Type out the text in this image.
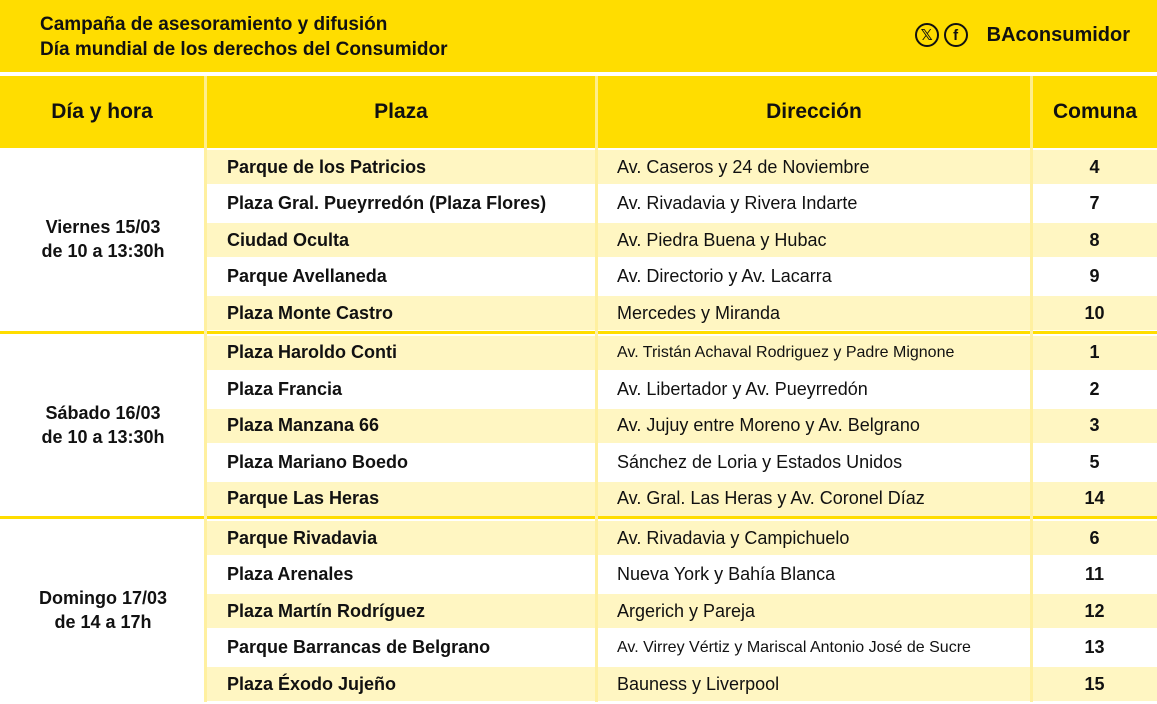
Campaña de asesoramiento y difusión
Día mundial de los derechos del Consumidor
𝕏	f	BAconsumidor
Día y hora	Plaza	Dirección	Comuna
Viernes 15/03
de 10 a 13:30h
Parque de los Patricios	Av. Caseros y 24 de Noviembre	4
Plaza Gral. Pueyrredón (Plaza Flores)	Av. Rivadavia y Rivera Indarte	7
Ciudad Oculta	Av. Piedra Buena y Hubac	8
Parque Avellaneda	Av. Directorio y Av. Lacarra	9
Plaza Monte Castro	Mercedes y Miranda	10
Sábado 16/03
de 10 a 13:30h
Plaza Haroldo Conti	Av. Tristán Achaval Rodriguez y Padre Mignone	1
Plaza Francia	Av. Libertador y Av. Pueyrredón	2
Plaza Manzana 66	Av. Jujuy entre Moreno y Av. Belgrano	3
Plaza Mariano Boedo	Sánchez de Loria y Estados Unidos	5
Parque Las Heras	Av. Gral. Las Heras y Av. Coronel Díaz	14
Domingo 17/03
de 14 a 17h
Parque Rivadavia	Av. Rivadavia y Campichuelo	6
Plaza Arenales	Nueva York y Bahía Blanca	11
Plaza Martín Rodríguez	Argerich y Pareja	12
Parque Barrancas de Belgrano	Av. Virrey Vértiz y Mariscal Antonio José de Sucre	13
Plaza Éxodo Jujeño	Bauness y Liverpool	15
